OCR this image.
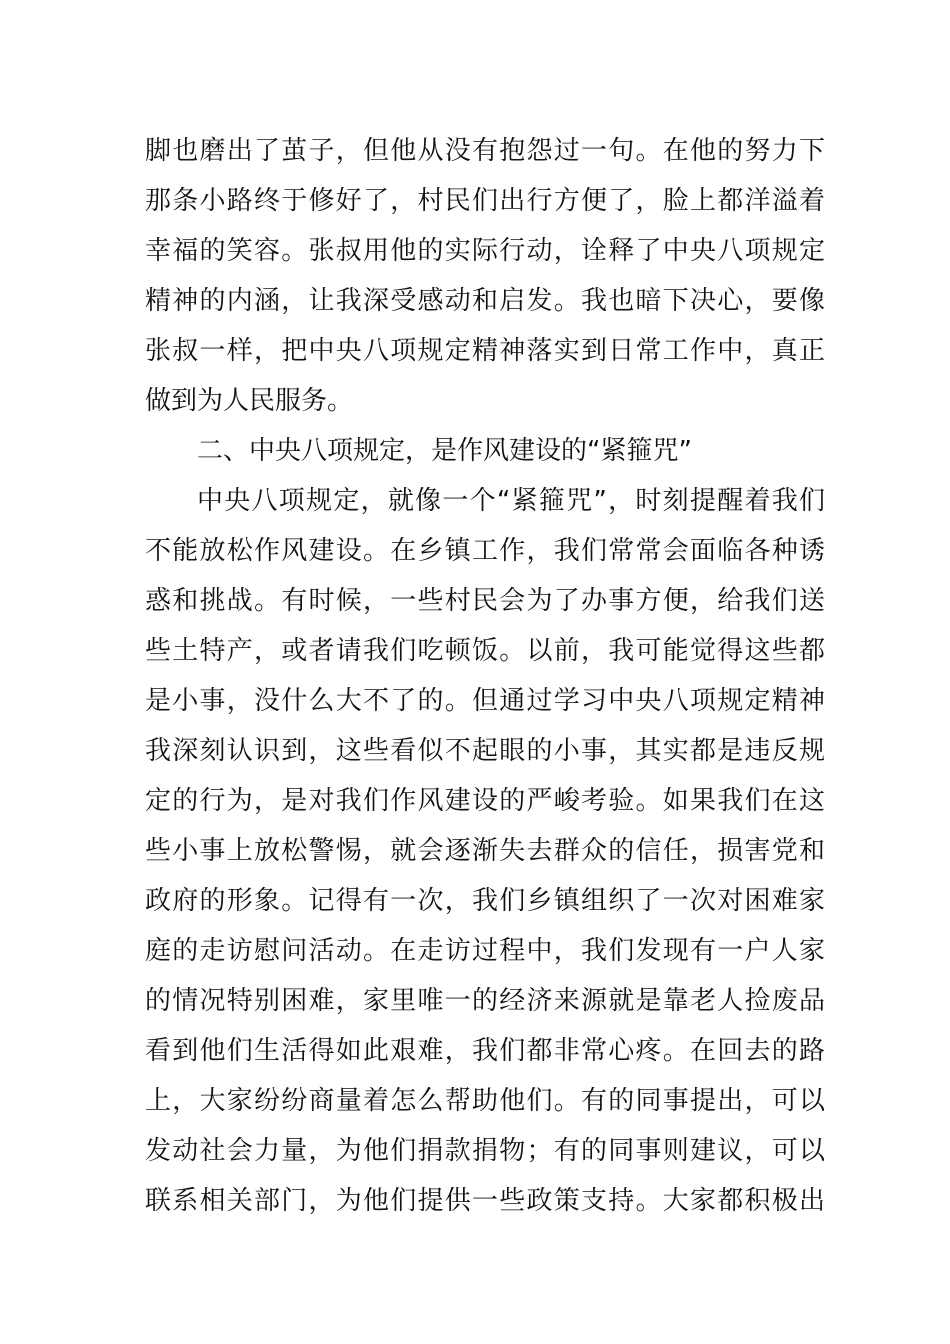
脚也磨出了茧子，但他从没有抱怨过一句。在他的努力下
那条小路终于修好了，村民们出行方便了，脸上都洋溢着
幸福的笑容。张叔用他的实际行动，诠释了中央八项规定
精神的内涵，让我深受感动和启发。我也暗下决心，要像
张叔一样，把中央八项规定精神落实到日常工作中，真正
做到为人民服务。
二、中央八项规定，是作风建设的“紧箍咒”
中央八项规定，就像一个“紧箍咒”，时刻提醒着我们
不能放松作风建设。在乡镇工作，我们常常会面临各种诱
惑和挑战。有时候，一些村民会为了办事方便，给我们送
些土特产，或者请我们吃顿饭。以前，我可能觉得这些都
是小事，没什么大不了的。但通过学习中央八项规定精神
我深刻认识到，这些看似不起眼的小事，其实都是违反规
定的行为，是对我们作风建设的严峻考验。如果我们在这
些小事上放松警惕，就会逐渐失去群众的信任，损害党和
政府的形象。记得有一次，我们乡镇组织了一次对困难家
庭的走访慰问活动。在走访过程中，我们发现有一户人家
的情况特别困难，家里唯一的经济来源就是靠老人捡废品
看到他们生活得如此艰难，我们都非常心疼。在回去的路
上，大家纷纷商量着怎么帮助他们。有的同事提出，可以
发动社会力量，为他们捐款捐物；有的同事则建议，可以
联系相关部门，为他们提供一些政策支持。大家都积极出
